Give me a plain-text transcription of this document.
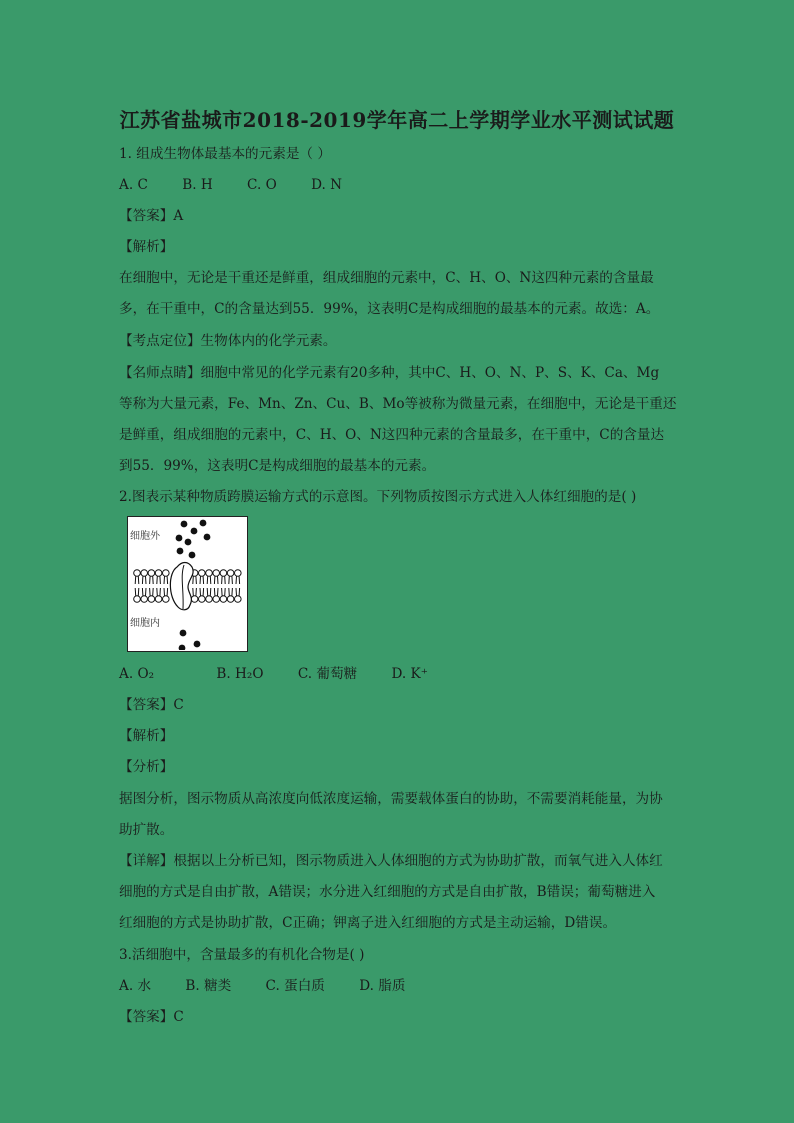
江苏省盐城市2018-2019学年高二上学期学业水平测试试题
1. 组成生物体最基本的元素是（ ）
A. C	B. H	C. O	D. N
【答案】A
【解析】
在细胞中，无论是干重还是鲜重，组成细胞的元素中，C、H、O、N这四种元素的含量最
多，在干重中，C的含量达到55．99%，这表明C是构成细胞的最基本的元素。故选：A。
【考点定位】生物体内的化学元素。
【名师点睛】细胞中常见的化学元素有20多种，其中C、H、O、N、P、S、K、Ca、Mg
等称为大量元素，Fe、Mn、Zn、Cu、B、Mo等被称为微量元素，在细胞中，无论是干重还
是鲜重，组成细胞的元素中，C、H、O、N这四种元素的含量最多，在干重中，C的含量达
到55．99%，这表明C是构成细胞的最基本的元素。
2.图表示某种物质跨膜运输方式的示意图。下列物质按图示方式进入人体红细胞的是( )
细胞外
细胞内
A. O₂	B. H₂O	C. 葡萄糖	D. K⁺
【答案】C
【解析】
【分析】
据图分析，图示物质从高浓度向低浓度运输，需要载体蛋白的协助，不需要消耗能量，为协
助扩散。
【详解】根据以上分析已知，图示物质进入人体细胞的方式为协助扩散，而氧气进入人体红
细胞的方式是自由扩散，A错误；水分进入红细胞的方式是自由扩散，B错误；葡萄糖进入
红细胞的方式是协助扩散，C正确；钾离子进入红细胞的方式是主动运输，D错误。
3.活细胞中，含量最多的有机化合物是( )
A. 水	B. 糖类	C. 蛋白质	D. 脂质
【答案】C
